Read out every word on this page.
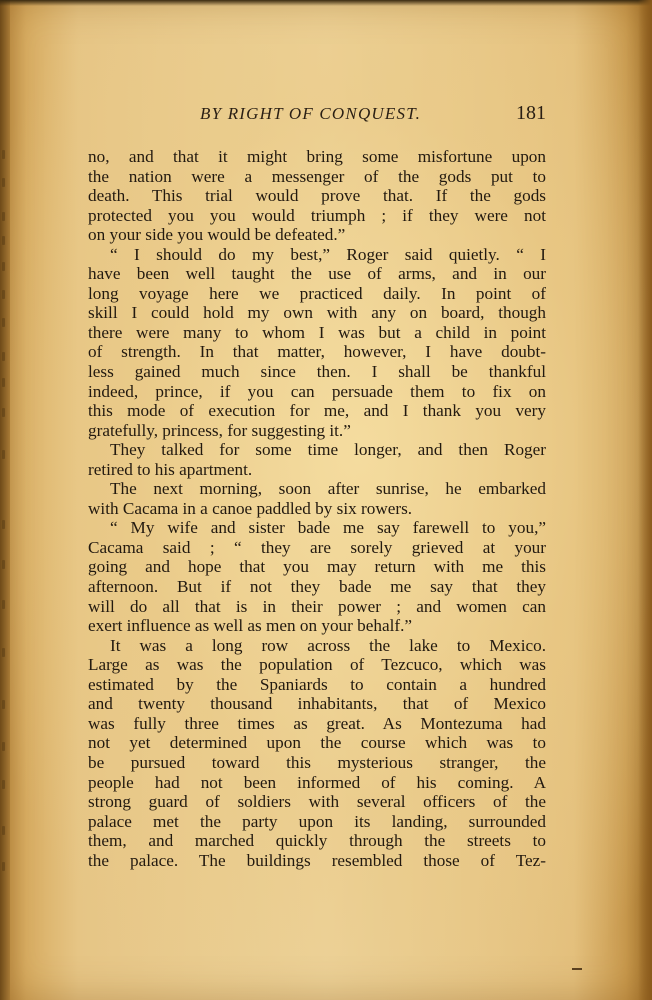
BY RIGHT OF CONQUEST.	181
no, and that it might bring some misfortune upon
the nation were a messenger of the gods put to
death. This trial would prove that. If the gods
protected you you would triumph ; if they were not
on your side you would be defeated.”
“ I should do my best,” Roger said quietly. “ I
have been well taught the use of arms, and in our
long voyage here we practiced daily. In point of
skill I could hold my own with any on board, though
there were many to whom I was but a child in point
of strength. In that matter, however, I have doubt-
less gained much since then. I shall be thankful
indeed, prince, if you can persuade them to fix on
this mode of execution for me, and I thank you very
gratefully, princess, for suggesting it.”
They talked for some time longer, and then Roger
retired to his apartment.
The next morning, soon after sunrise, he embarked
with Cacama in a canoe paddled by six rowers.
“ My wife and sister bade me say farewell to you,”
Cacama said ; “ they are sorely grieved at your
going and hope that you may return with me this
afternoon. But if not they bade me say that they
will do all that is in their power ; and women can
exert influence as well as men on your behalf.”
It was a long row across the lake to Mexico.
Large as was the population of Tezcuco, which was
estimated by the Spaniards to contain a hundred
and twenty thousand inhabitants, that of Mexico
was fully three times as great. As Montezuma had
not yet determined upon the course which was to
be pursued toward this mysterious stranger, the
people had not been informed of his coming. A
strong guard of soldiers with several officers of the
palace met the party upon its landing, surrounded
them, and marched quickly through the streets to
the palace. The buildings resembled those of Tez-
